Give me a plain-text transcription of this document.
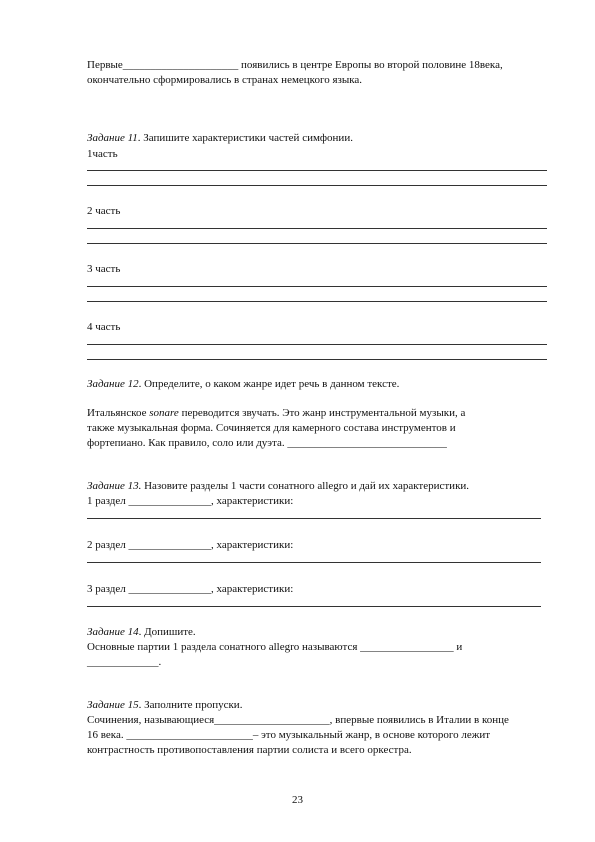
Первые_____________________ появились в центре Европы во второй половине 18века,
окончательно сформировались в странах немецкого языка.
Задание 11. Запишите характеристики частей симфонии.
1часть
2 часть
3 часть
4 часть
Задание 12. Определите, о каком жанре идет речь в данном тексте.
Итальянское sonare переводится звучать. Это жанр инструментальной музыки, а
также музыкальная форма. Сочиняется для камерного состава инструментов и
фортепиано. Как правило, соло или дуэта. _____________________________
Задание 13. Назовите разделы 1 части сонатного allegro и дай их характеристики.
1 раздел _______________, характеристики:
2 раздел _______________, характеристики:
3 раздел _______________, характеристики:
Задание 14. Допишите.
Основные партии 1 раздела сонатного allegro называются _________________ и
_____________.
Задание 15. Заполните пропуски.
Сочинения, называющиеся_____________________, впервые появились в Италии в конце
16 века. _______________________– это музыкальный жанр, в основе которого лежит
контрастность противопоставления партии солиста и всего оркестра.
23
